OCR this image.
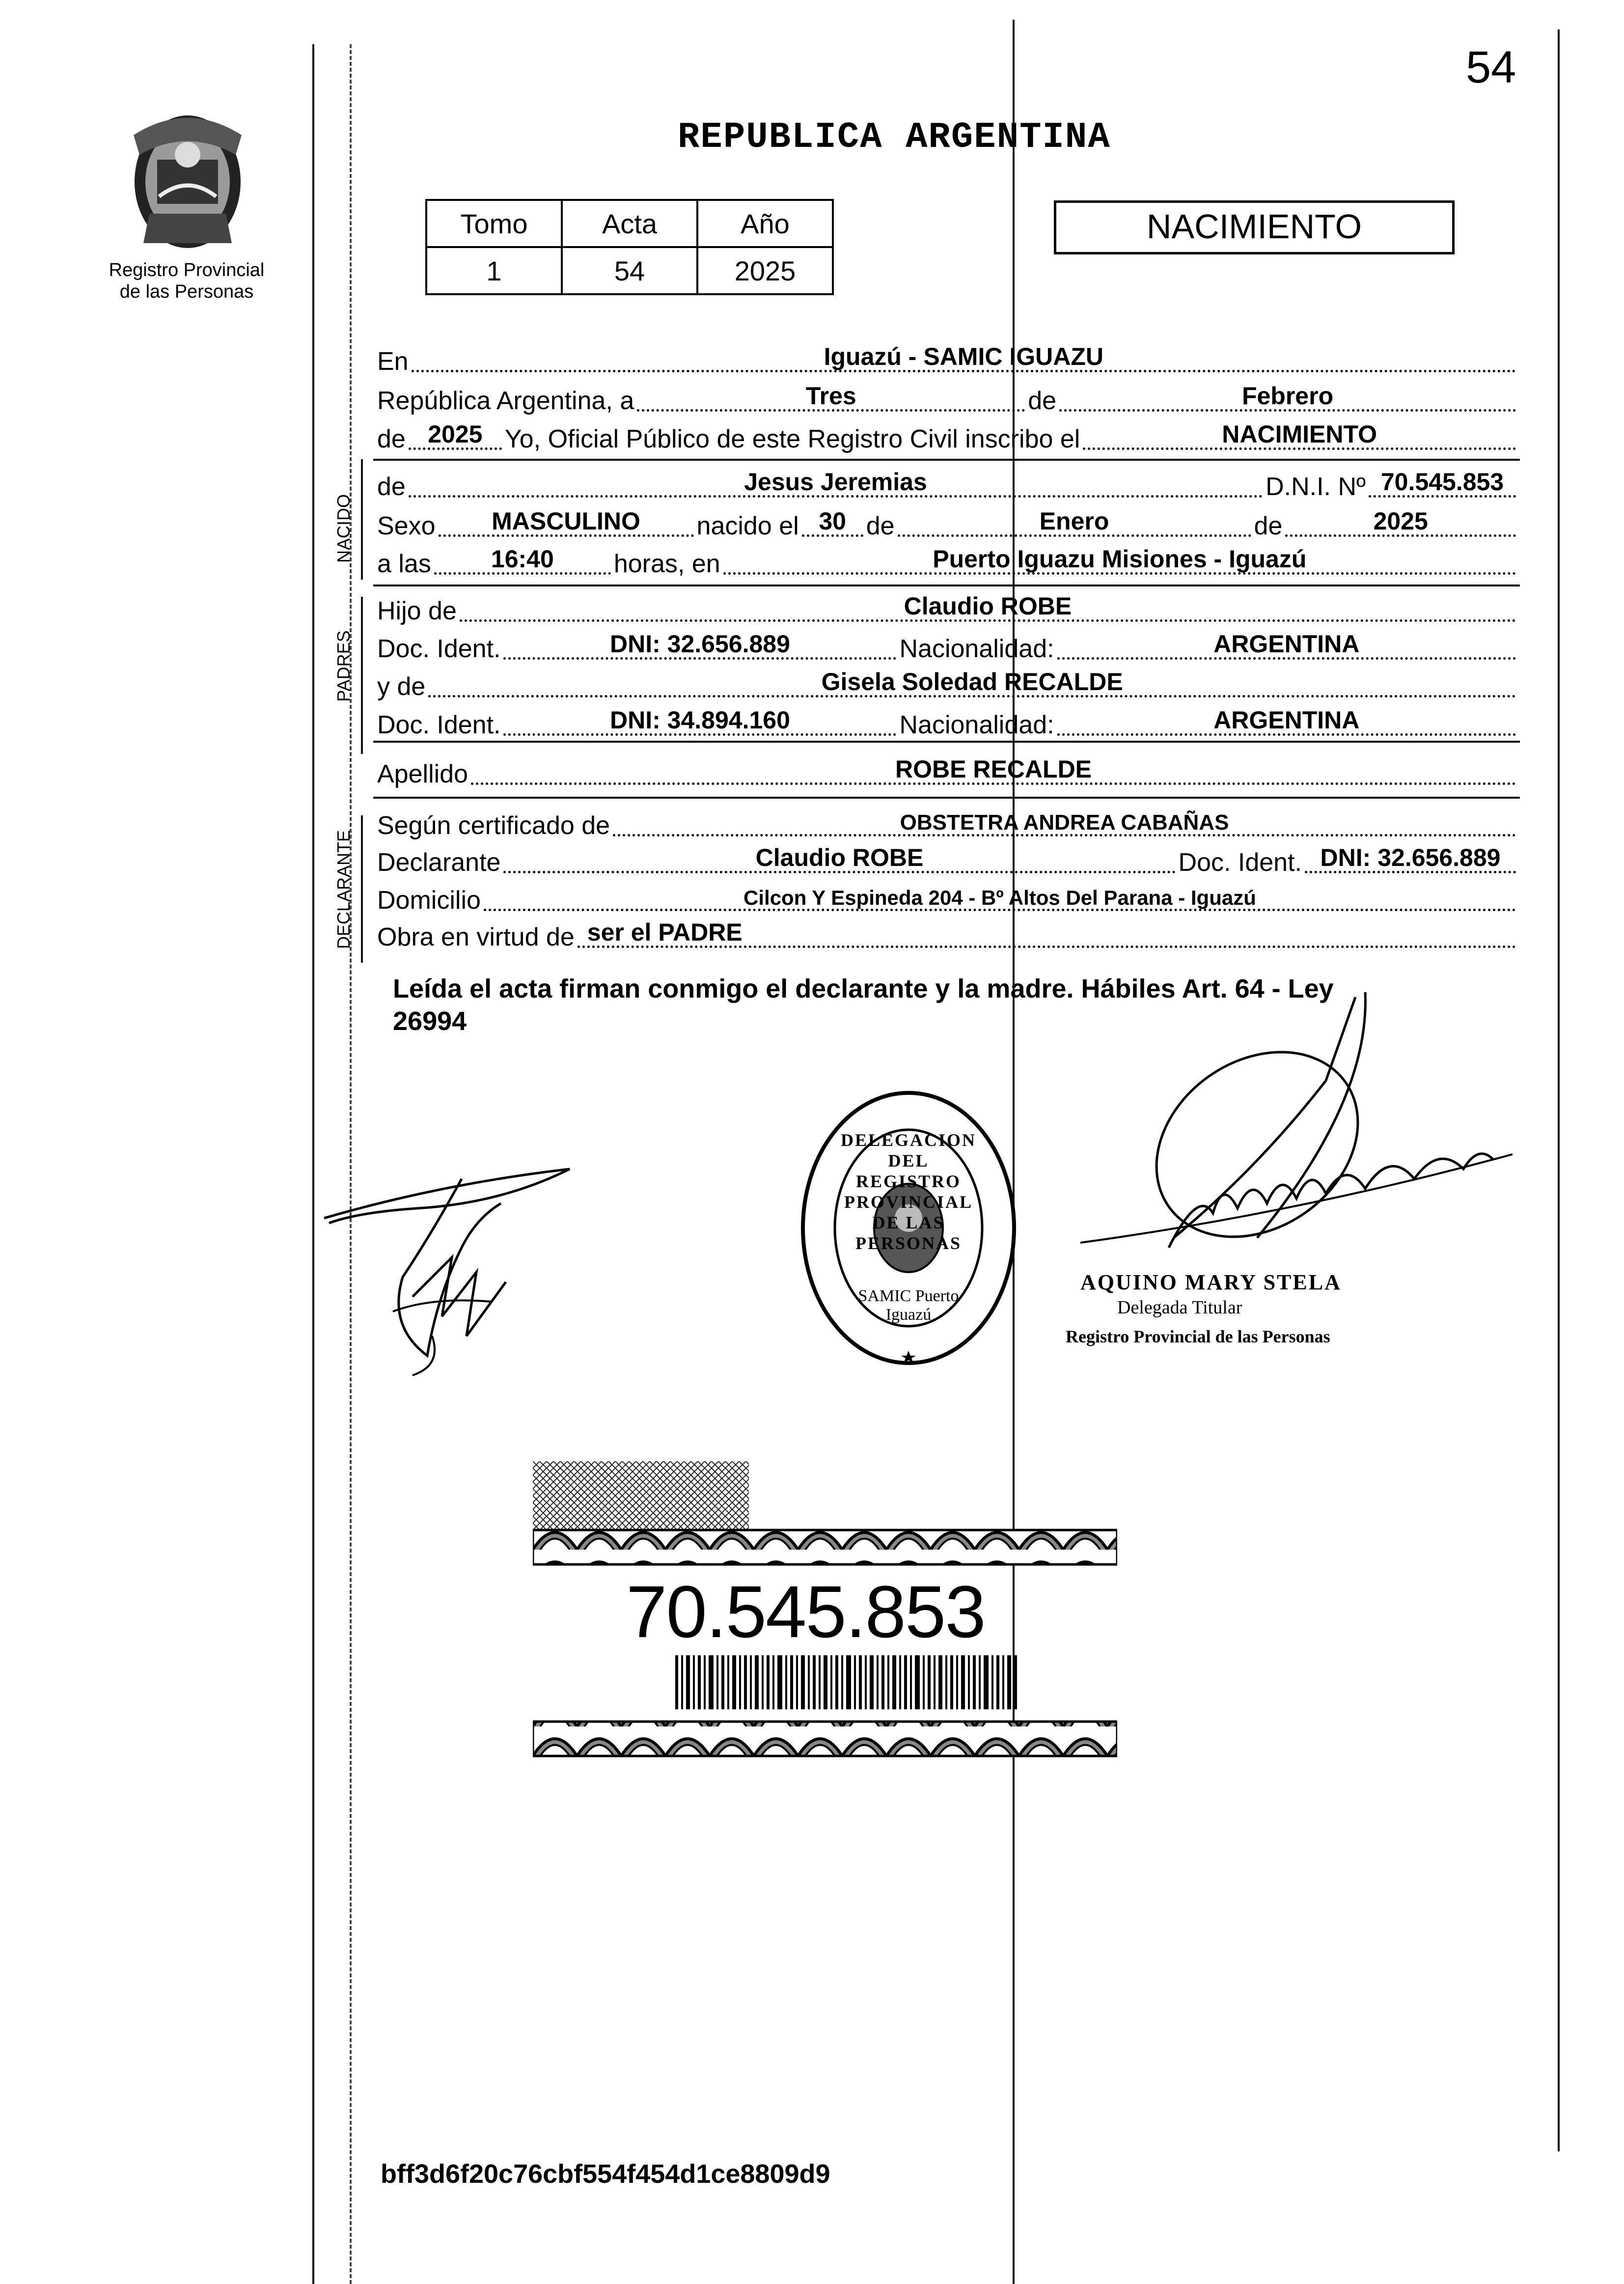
54
Registro Provincial
de las Personas
REPUBLICA ARGENTINA
Tomo	Acta	Año
1	54	2025
NACIMIENTO
NACIDO
PADRES
DECLARANTE
En	Iguazú - SAMIC IGUAZU
República Argentina, a	Tres	de	Febrero
de 2025 Yo, Oficial Público de este Registro Civil inscribo el	NACIMIENTO
de	Jesus Jeremias	D.N.I. Nº 70.545.853
Sexo	MASCULINO	nacido el 30 de	Enero	de	2025
a las	16:40	horas, en	Puerto Iguazu Misiones - Iguazú
Hijo de	Claudio ROBE
Doc. Ident.	DNI: 32.656.889	Nacionalidad:	ARGENTINA
y de	Gisela Soledad RECALDE
Doc. Ident.	DNI: 34.894.160	Nacionalidad:	ARGENTINA
Apellido	ROBE RECALDE
Según certificado de	OBSTETRA ANDREA CABAÑAS
Declarante	Claudio ROBE	Doc. Ident. DNI: 32.656.889
Domicilio	Cilcon Y Espineda 204 - Bº Altos Del Parana - Iguazú
Obra en virtud de ser el PADRE
Leída el acta firman conmigo el declarante y la madre. Hábiles Art. 64 - Ley
26994
DELEGACION DEL REGISTRO PROVINCIAL DE LAS PERSONAS
SAMIC Puerto Iguazú
AQUINO MARY STELA
Delegada Titular
Registro Provincial de las Personas
70.545.853
bff3d6f20c76cbf554f454d1ce8809d9
